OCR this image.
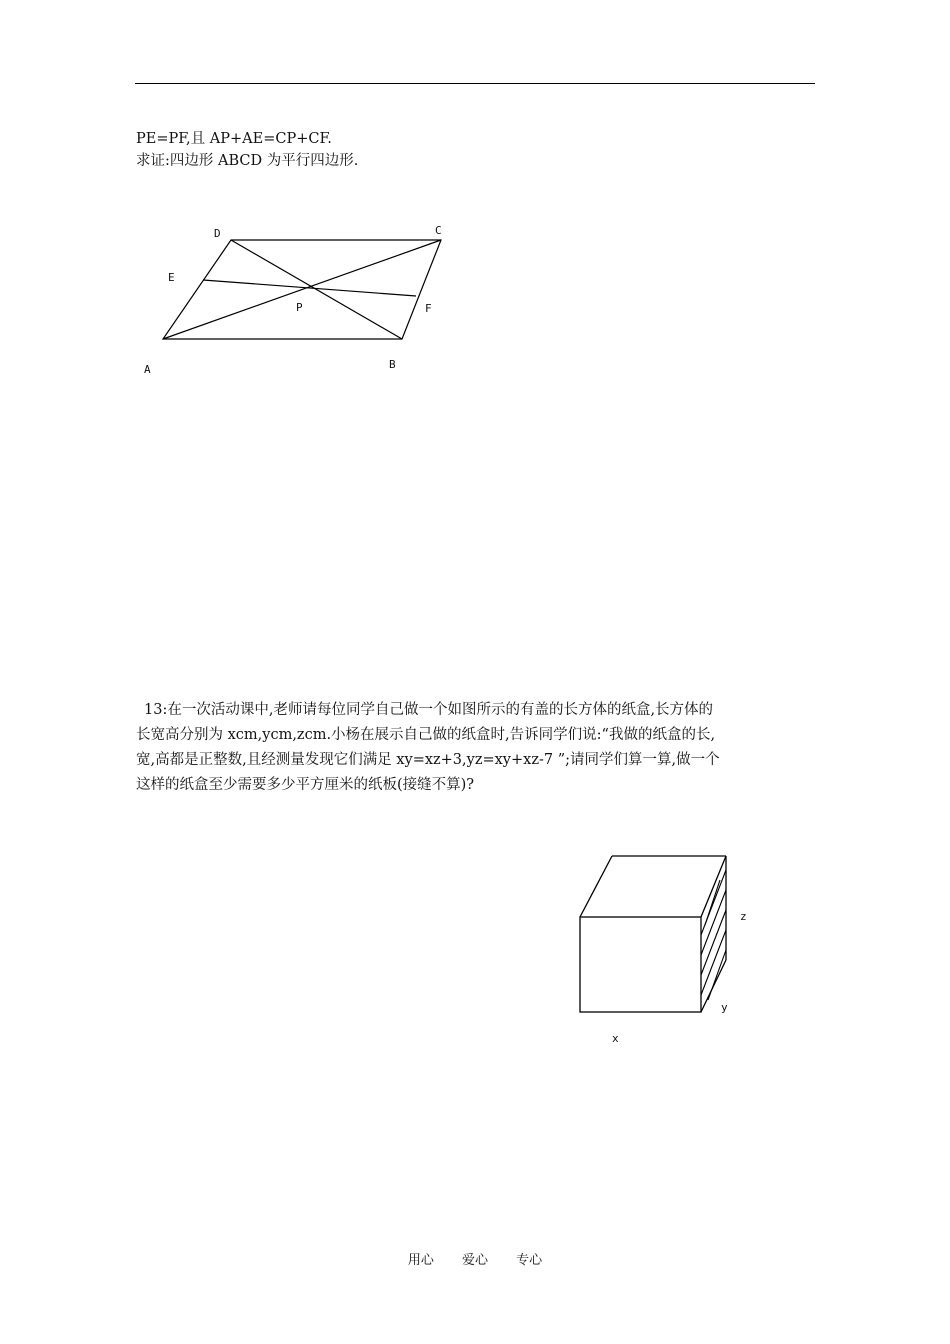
PE=PF,且 AP+AE=CP+CF.
求证:四边形 ABCD 为平行四边形.
D	C
E
P	F
A	B
z
y
x
13:在一次活动课中,老师请每位同学自己做一个如图所示的有盖的长方体的纸盒,长方体的
长宽高分别为 xcm,ycm,zcm.小杨在展示自己做的纸盒时,告诉同学们说:“我做的纸盒的长,
宽,高都是正整数,且经测量发现它们满足 xy=xz+3,yz=xy+xz-7 ”;请同学们算一算,做一个
这样的纸盒至少需要多少平方厘米的纸板(接缝不算)?
用心 爱心 专心
